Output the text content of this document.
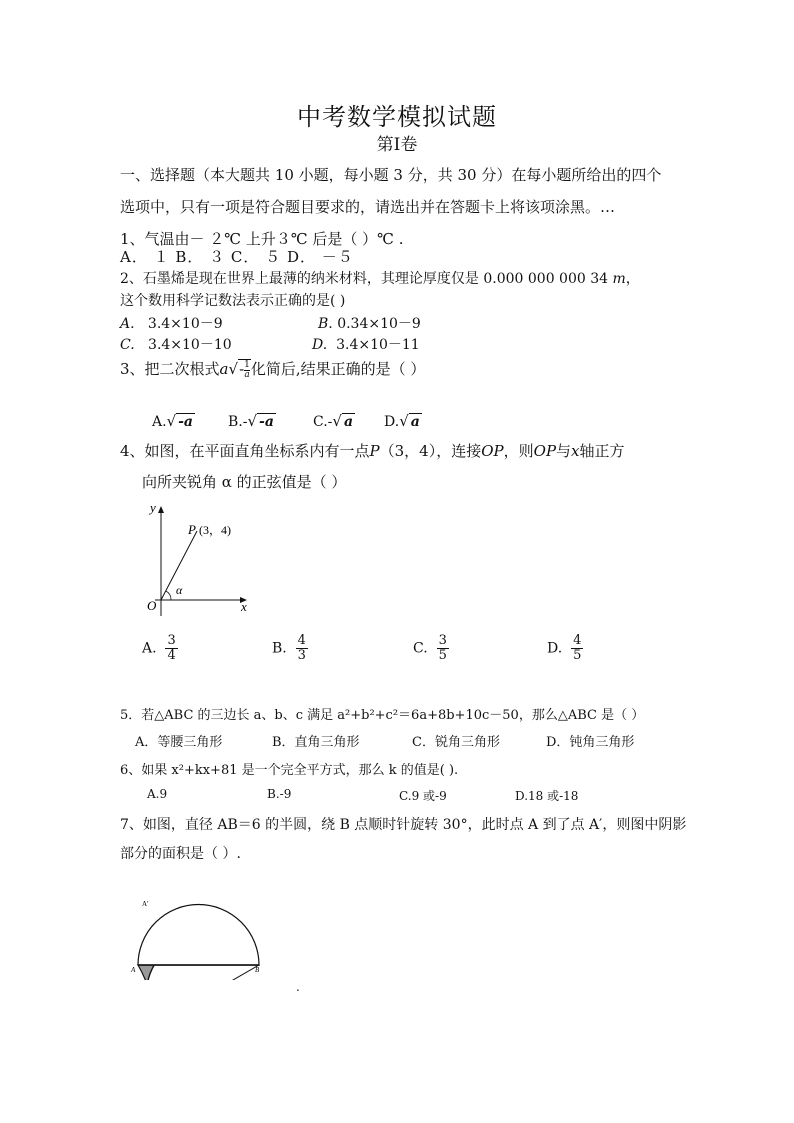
中考数学模拟试题
第Ⅰ卷
一、选择题（本大题共 10 小题，每小题 3 分，共 30 分）在每小题所给出的四个
选项中，只有一项是符合题目要求的，请选出并在答题卡上将该项涂黑。…
1、气温由－ ２℃ 上升３℃ 后是（ ）℃ .
A． １ B． ３ C． ５ D． －５
2、石墨烯是现在世界上最薄的纳米材料，其理论厚度仅是 0.000 000 000 34 m，
这个数用科学记数法表示正确的是( )
A. 3.4×10－9	B. 0.34×10－9
C. 3.4×10－10	D. 3.4×10－11
3、把二次根式$a√- \frac{1}{a}$ 化简后,结果正确的是（ ）
A.√ -a B.-√ -a	C.-√ a D.√ a
4、如图，在平面直角坐标系内有一点P（3，4），连接OP，则OP与x轴正方
向所夹锐角 α 的正弦值是（ ）
y
x
O
P (3，4)
α
A. $\frac{3}{4}$	B. $\frac{4}{3}$	C. $\frac{3}{5}$	D. $\frac{4}{5}$
5．若△ABC 的三边长 a、b、c 满足 a²+b²+c²＝6a+8b+10c－50，那么△ABC 是（ ）
A．等腰三角形	B．直角三角形	C．锐角三角形	D．钝角三角形
6、如果 x²+kx+81 是一个完全平方式，那么 k 的值是( ).
A.9	B.-9	C.9 或-9	D.18 或-18
7、如图，直径 AB＝6 的半圆，绕 B 点顺时针旋转 30°，此时点 A 到了点 A′，则图中阴影
部分的面积是（ ）.
A′
A	B
.
